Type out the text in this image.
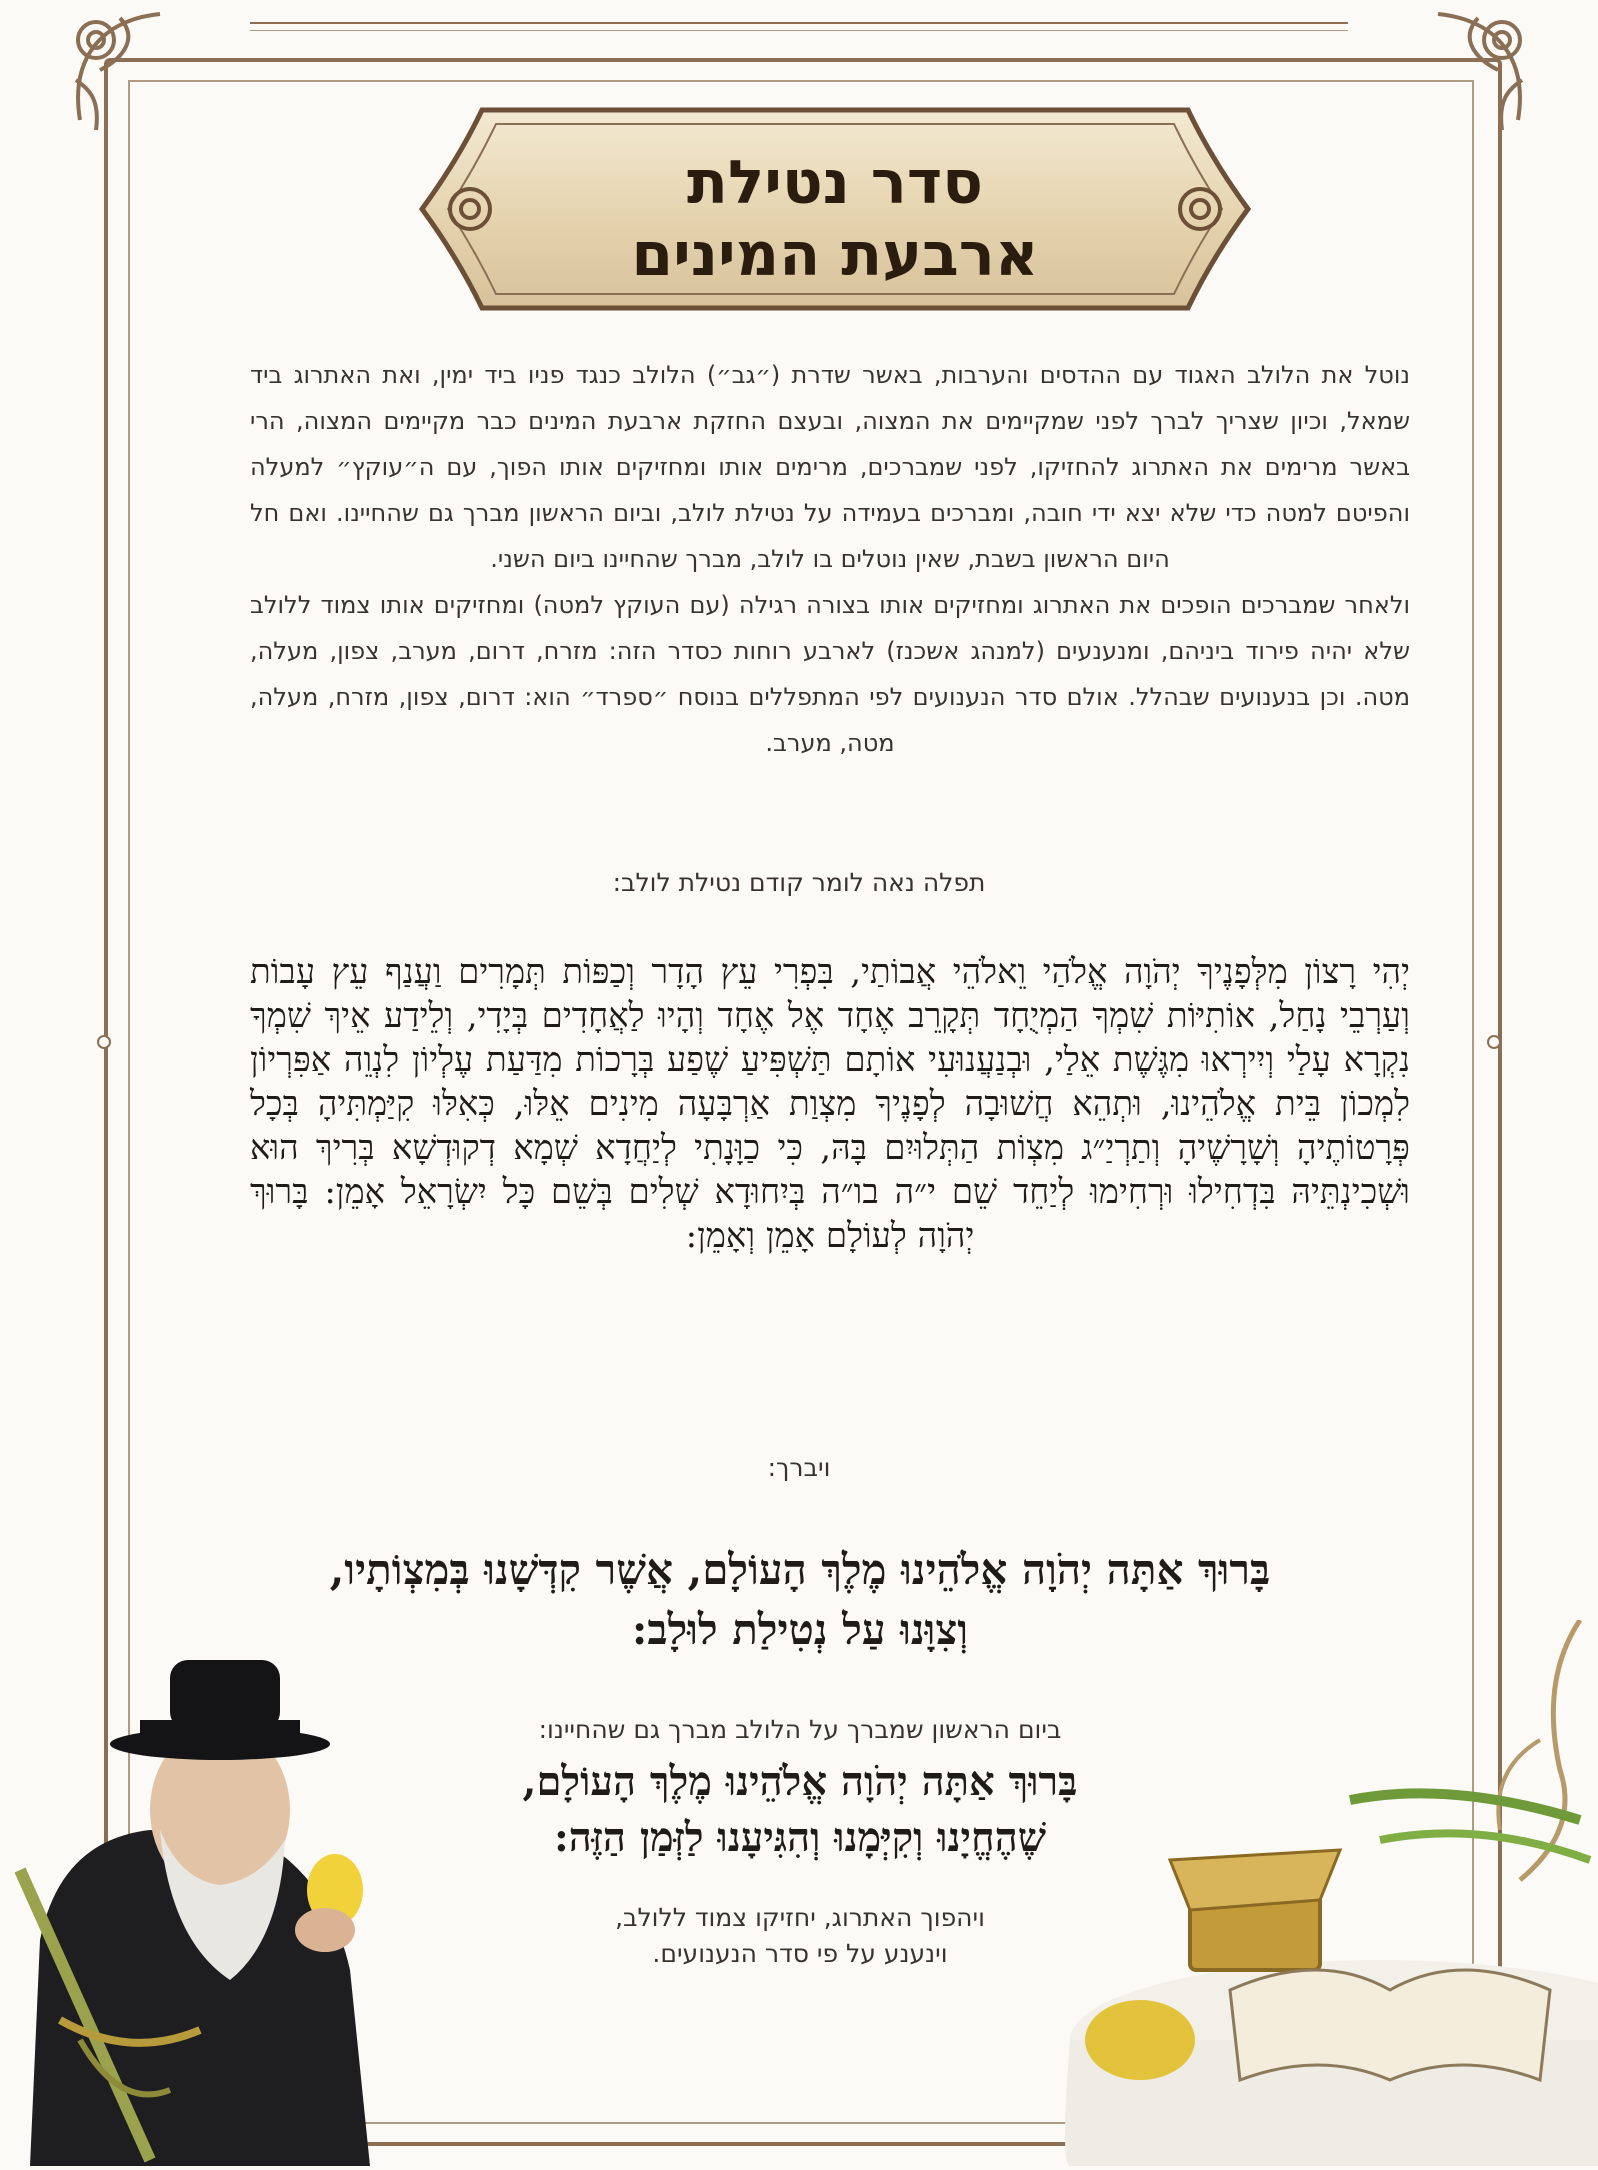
סדר נטילת
ארבעת המינים

נוטל את הלולב האגוד עם ההדסים והערבות, באשר שדרת (״גב״) הלולב כנגד פניו ביד ימין, ואת האתרוג ביד שמאל, וכיון שצריך לברך לפני שמקיימים את המצוה, ובעצם החזקת ארבעת המינים כבר מקיימים המצוה, הרי באשר מרימים את האתרוג להחזיקו, לפני שמברכים, מרימים אותו ומחזיקים אותו הפוך, עם ה״עוקץ״ למעלה והפיטם למטה כדי שלא יצא ידי חובה, ומברכים בעמידה על נטילת לולב, וביום הראשון מברך גם שהחיינו. ואם חל היום הראשון בשבת, שאין נוטלים בו לולב, מברך שהחיינו ביום השני.

ולאחר שמברכים הופכים את האתרוג ומחזיקים אותו בצורה רגילה (עם העוקץ למטה) ומחזיקים אותו צמוד ללולב שלא יהיה פירוד ביניהם, ומנענעים (למנהג אשכנז) לארבע רוחות כסדר הזה: מזרח, דרום, מערב, צפון, מעלה, מטה. וכן בנענועים שבהלל. אולם סדר הנענועים לפי המתפללים בנוסח ״ספרד״ הוא: דרום, צפון, מזרח, מעלה, מטה, מערב.

תפלה נאה לומר קודם נטילת לולב:
יְהִי רָצוֹן מִלְּפָנֶיךָ יְהֹוָה אֱלֹהַי וֵאלֹהֵי אֲבוֹתַי, בִּפְרִי עֵץ הָדָר וְכַפּוֹת תְּמָרִים וַעֲנַף עֵץ עָבוֹת וְעַרְבֵי נָחַל, אוֹתִיּוֹת שִׁמְךָ הַמְיֻחָד תְּקָרֵב אֶחָד אֶל אֶחָד וְהָיוּ לַאֲחָדִים בְּיָדִי, וְלֵידַע אֵיךְ שִׁמְךָ נִקְרָא עָלַי וְיִירְאוּ מִגֶּשֶׁת אֵלַי, וּבְנַעֲנוּעִי אוֹתָם תַּשְׁפִּיעַ שֶׁפַע בְּרָכוֹת מִדַּעַת עֶלְיוֹן לִנְוֵה אַפִּרְיוֹן לִמְכוֹן בֵּית אֱלֹהֵינוּ, וּתְהֵא חֲשׁוּבָה לְפָנֶיךָ מִצְוַת אַרְבָּעָה מִינִים אֵלּוּ, כְּאִלּוּ קִיַּמְתִּיהָ בְּכָל פְּרָטוֹתֶיהָ וְשָׁרָשֶׁיהָ וְתַרְיַ״ג מִצְוֹת הַתְּלוּיִם בָּהּ, כִּי כַוָּנָתִי לְיַחֲדָא שְׁמָא דְקוּדְשָׁא בְּרִיךְ הוּא וּשְׁכִינְתֵּיהּ בִּדְחִילוּ וּרְחִימוּ לְיַחֵד שֵׁם י״ה בו״ה בְּיִחוּדָא שְׁלִים בְּשֵׁם כָּל יִשְׂרָאֵל אָמֵן: בָּרוּךְ יְהֹוָה לְעוֹלָם אָמֵן וְאָמֵן:
ויברך:
בָּרוּךְ אַתָּה יְהֹוָה אֱלֹהֵינוּ מֶלֶךְ הָעוֹלָם, אֲשֶׁר קִדְּשָׁנוּ בְּמִצְוֹתָיו,
וְצִוָּנוּ עַל נְטִילַת לוּלָב:
ביום הראשון שמברך על הלולב מברך גם שהחיינו:
בָּרוּךְ אַתָּה יְהֹוָה אֱלֹהֵינוּ מֶלֶךְ הָעוֹלָם,
שֶׁהֶחֱיָנוּ וְקִיְּמָנוּ וְהִגִּיעָנוּ לַזְּמַן הַזֶּה:
ויהפוך האתרוג, יחזיקו צמוד ללולב,
וינענע על פי סדר הנענועים.
